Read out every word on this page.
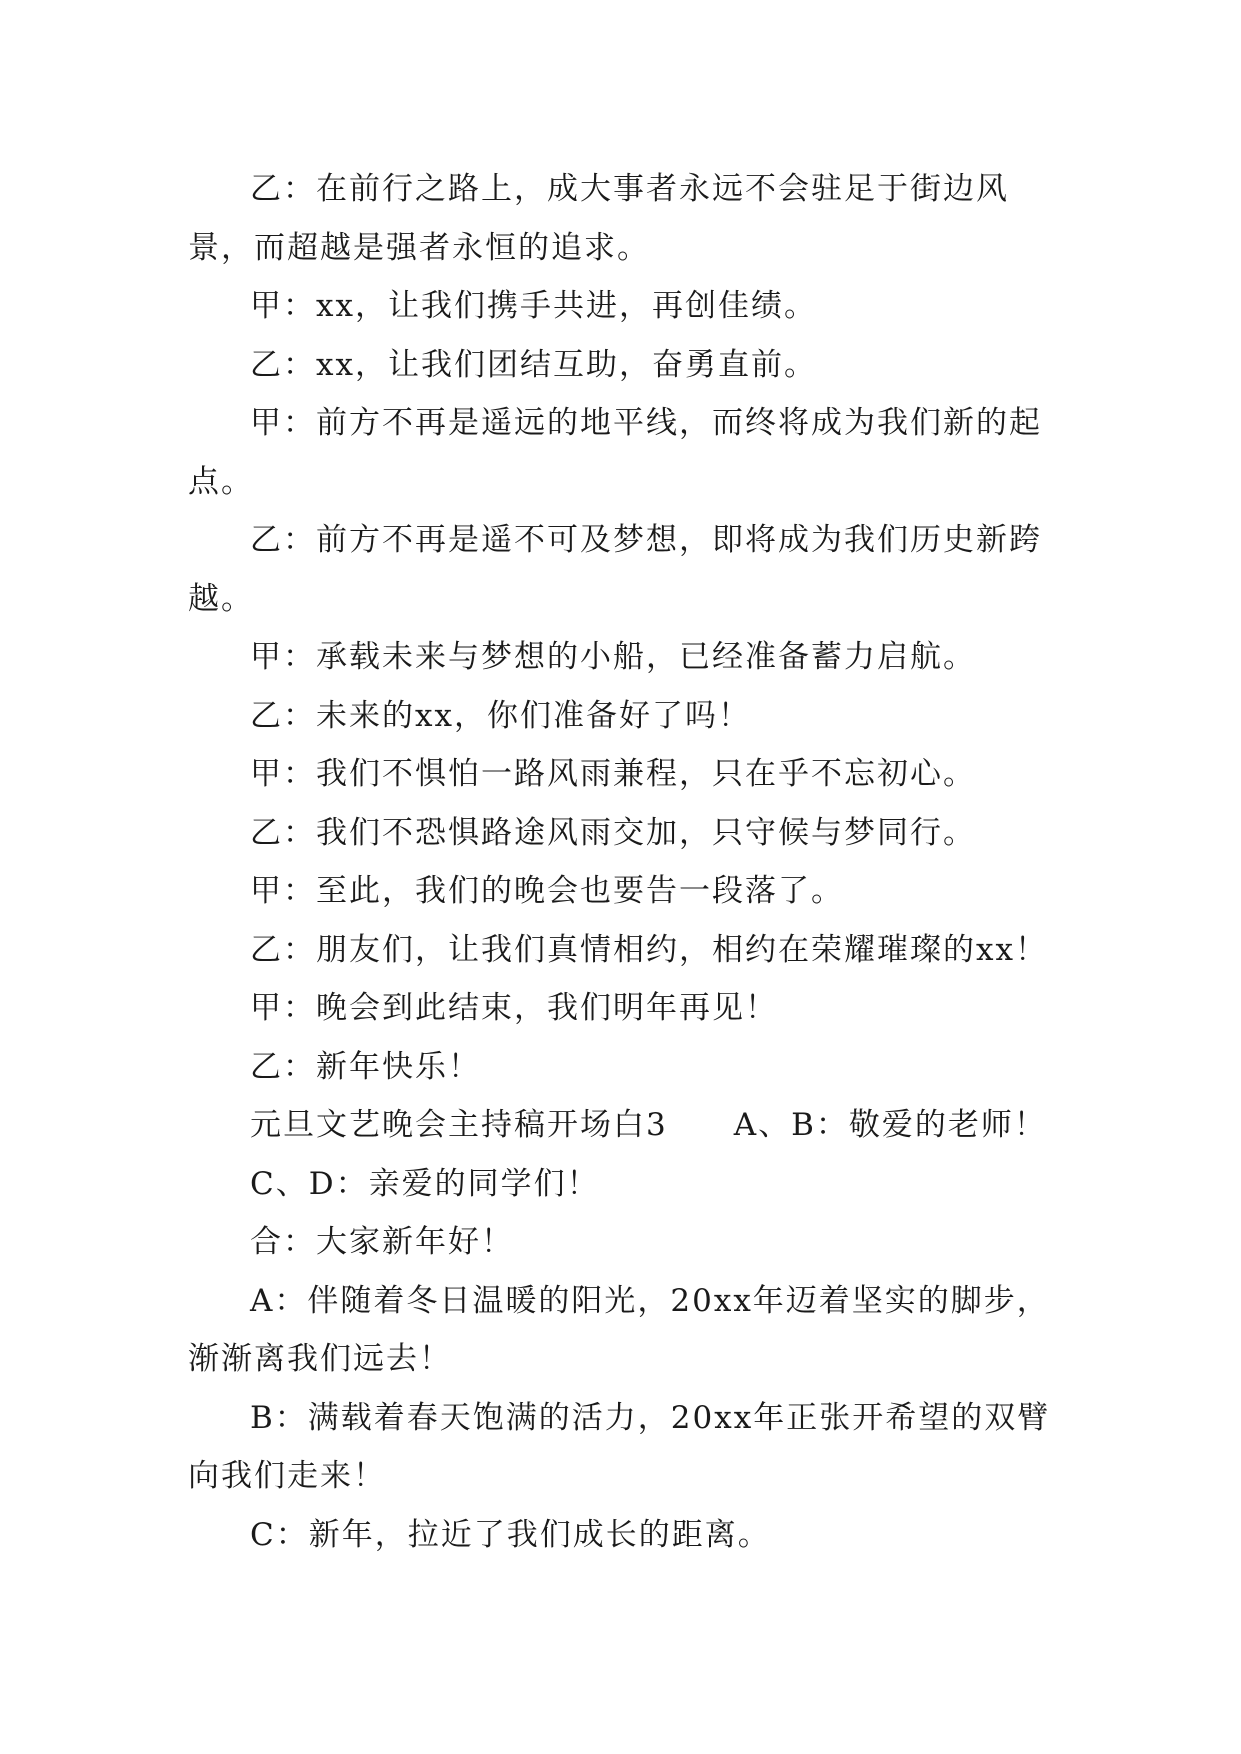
乙：在前行之路上，成大事者永远不会驻足于街边风景，而超越是强者永恒的追求。

甲：xx，让我们携手共进，再创佳绩。

乙：xx，让我们团结互助，奋勇直前。

甲：前方不再是遥远的地平线，而终将成为我们新的起点。

乙：前方不再是遥不可及梦想，即将成为我们历史新跨越。

甲：承载未来与梦想的小船，已经准备蓄力启航。

乙：未来的xx，你们准备好了吗！

甲：我们不惧怕一路风雨兼程，只在乎不忘初心。

乙：我们不恐惧路途风雨交加，只守候与梦同行。

甲：至此，我们的晚会也要告一段落了。

乙：朋友们，让我们真情相约，相约在荣耀璀璨的xx！

甲：晚会到此结束，我们明年再见！

乙：新年快乐！

元旦文艺晚会主持稿开场白3　　A、B：敬爱的老师！

C、D：亲爱的同学们！

合：大家新年好！

A：伴随着冬日温暖的阳光，20xx年迈着坚实的脚步，渐渐离我们远去！

B：满载着春天饱满的活力，20xx年正张开希望的双臂向我们走来！

C：新年，拉近了我们成长的距离。
